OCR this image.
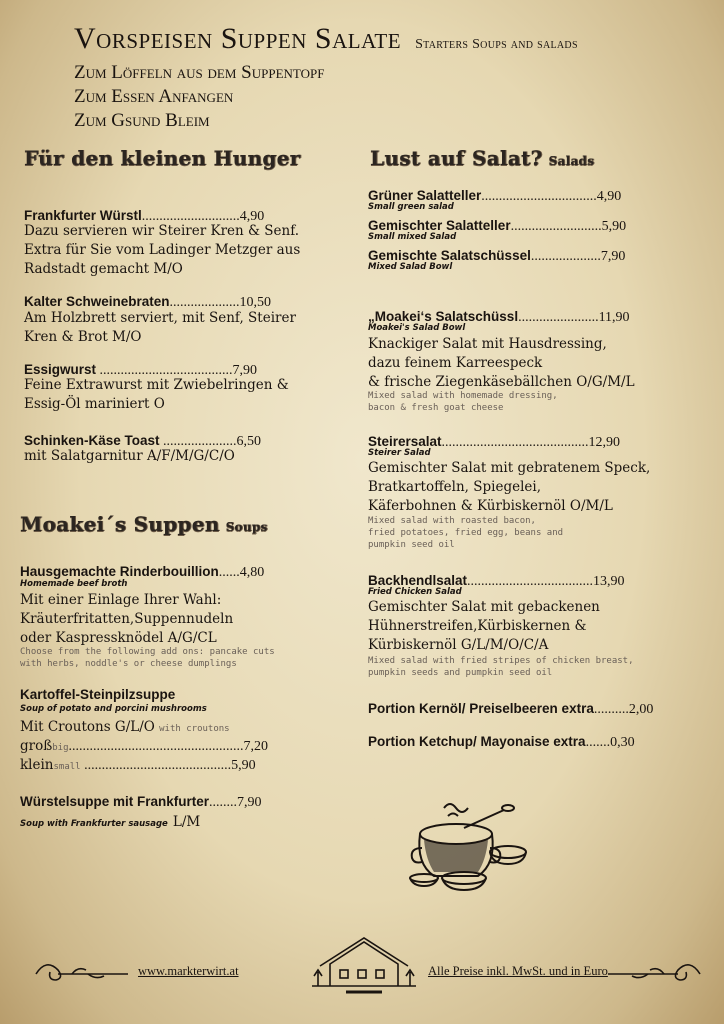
Vorspeisen Suppen Salate Starters Soups and salads
Zum Löffeln aus dem Suppentopf
Zum Essen Anfangen
Zum Gsund Bleim
Für den kleinen Hunger
Frankfurter Würstl............................4,90
Dazu servieren wir Steirer Kren & Senf.
Extra für Sie vom Ladinger Metzger aus
Radstadt gemacht M/O
Kalter Schweinebraten....................10,50
Am Holzbrett serviert, mit Senf, Steirer
Kren & Brot M/O
Essigwurst ......................................7,90
Feine Extrawurst mit Zwiebelringen &
Essig-Öl mariniert O
Schinken-Käse Toast .....................6,50
mit Salatgarnitur A/F/M/G/C/O
Moakei´s Suppen Soups
Hausgemachte Rinderbouillion......4,80
Homemade beef broth
Mit einer Einlage Ihrer Wahl:
Kräuterfritatten,Suppennudeln
oder Kaspressknödel A/G/CL
Choose from the following add ons: pancake cuts
with herbs, noddle's or cheese dumplings
Kartoffel-Steinpilzsuppe
Soup of potato and porcini mushrooms
Mit Croutons G/L/O with croutons
großbig..................................................7,20
kleinsmall ..........................................5,90
Würstelsuppe mit Frankfurter........7,90
Soup with Frankfurter sausage L/M
Lust auf Salat? Salads
Grüner Salatteller.................................4,90
Small green salad
Gemischter Salatteller..........................5,90
Small mixed Salad
Gemischte Salatschüssel....................7,90
Mixed Salad Bowl
„Moakei‘s Salatschüssl.......................11,90
Moakei's Salad Bowl
Knackiger Salat mit Hausdressing,
dazu feinem Karreespeck
& frische Ziegenkäsebällchen O/G/M/L
Mixed salad with homemade dressing,
bacon & fresh goat cheese
Steirersalat..........................................12,90
Steirer Salad
Gemischter Salat mit gebratenem Speck,
Bratkartoffeln, Spiegelei,
Käferbohnen & Kürbiskernöl O/M/L
Mixed salad with roasted bacon,
fried potatoes, fried egg, beans and
pumpkin seed oil
Backhendlsalat....................................13,90
Fried Chicken Salad
Gemischter Salat mit gebackenen
Hühnerstreifen,Kürbiskernen &
Kürbiskernöl G/L/M/O/C/A
Mixed salad with fried stripes of chicken breast,
pumpkin seeds and pumpkin seed oil
Portion Kernöl/ Preiselbeeren extra..........2,00
Portion Ketchup/ Mayonaise extra.......0,30
www.markterwirt.at	Alle Preise inkl. MwSt. und in Euro
